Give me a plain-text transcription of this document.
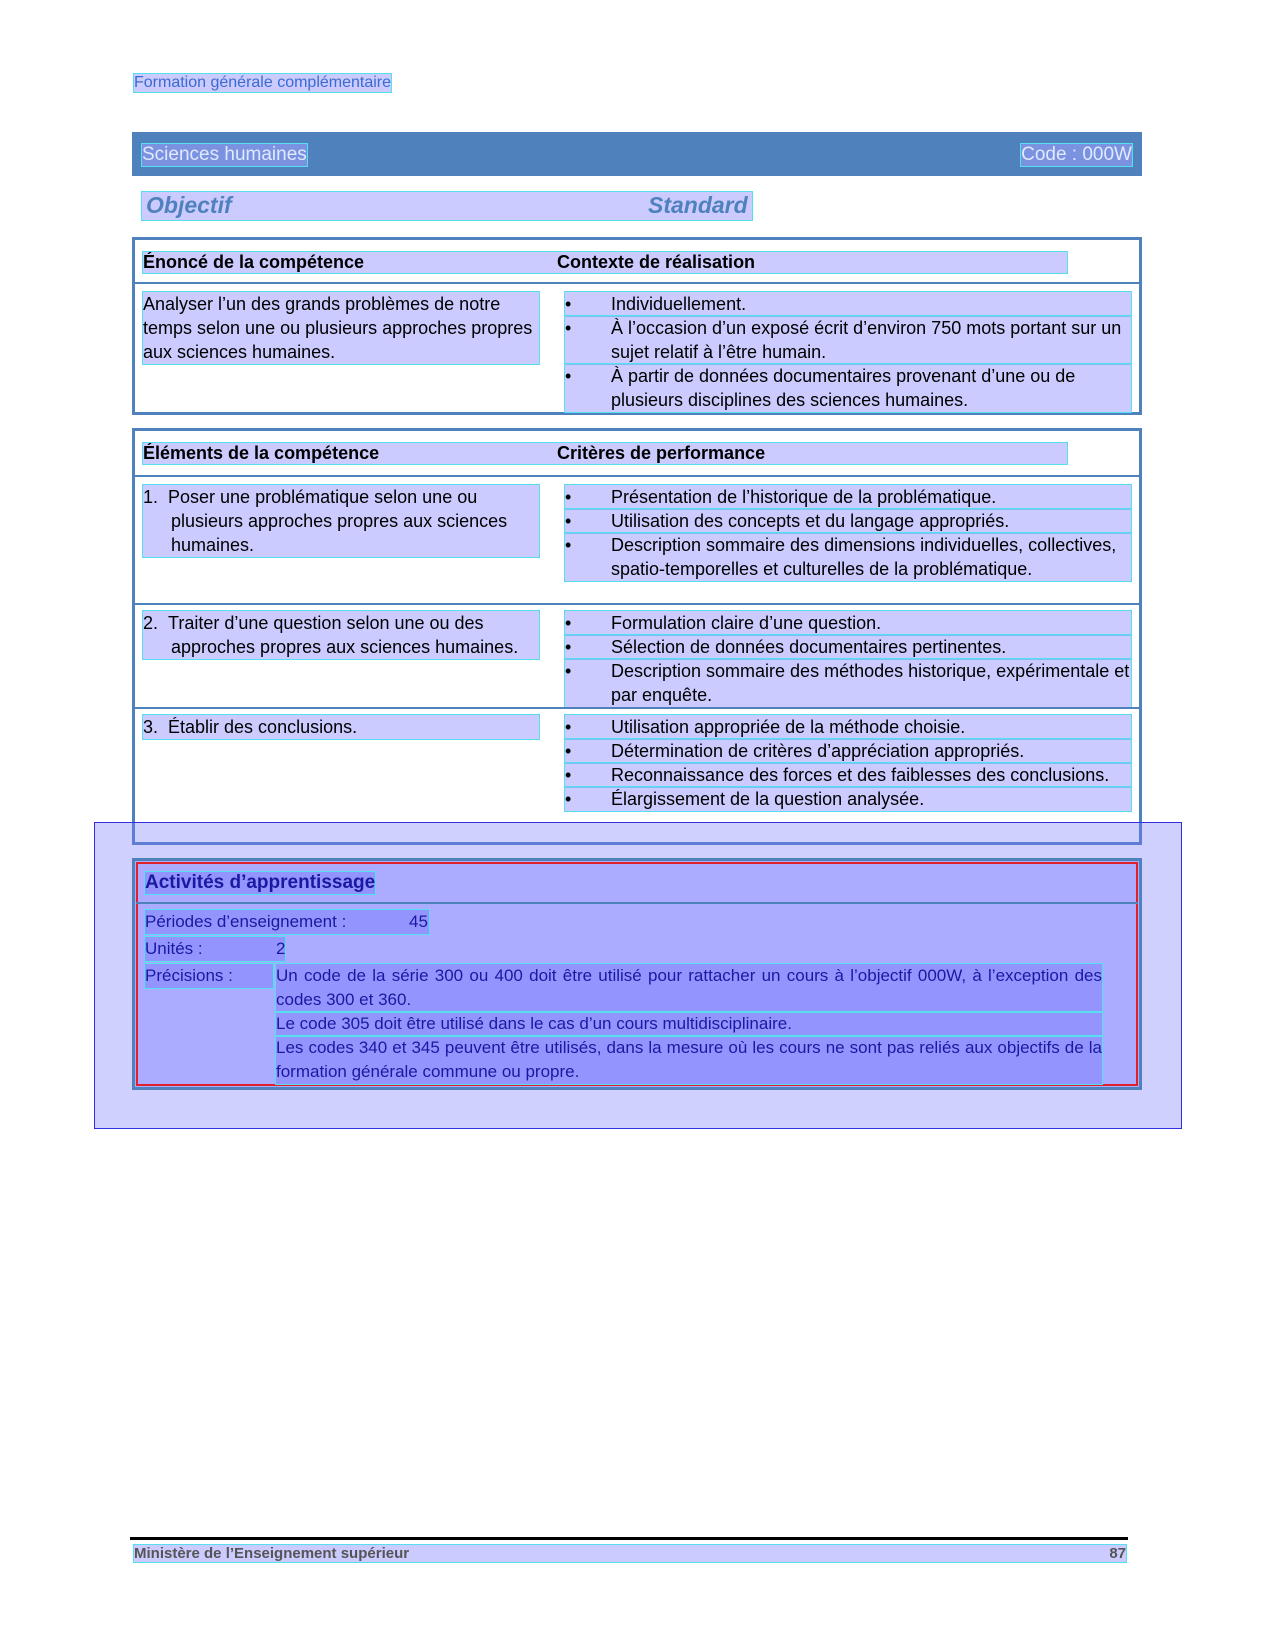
Formation générale complémentaire
Sciences humaines	Code : 000W
Objectif	Standard
Énoncé de la compétence	Contexte de réalisation
Analyser l’un des grands problèmes de notre temps selon une ou plusieurs approches propres aux sciences humaines.
• Individuellement.
• À l’occasion d’un exposé écrit d’environ 750 mots portant sur un sujet relatif à l’être humain.
• À partir de données documentaires provenant d’une ou de plusieurs disciplines des sciences humaines.
Éléments de la compétence	Critères de performance
1.  Poser une problématique selon une ou plusieurs approches propres aux sciences humaines.
• Présentation de l’historique de la problématique.
• Utilisation des concepts et du langage appropriés.
• Description sommaire des dimensions individuelles, collectives, spatio-temporelles et culturelles de la problématique.
2.  Traiter d’une question selon une ou des approches propres aux sciences humaines.
• Formulation claire d’une question.
• Sélection de données documentaires pertinentes.
• Description sommaire des méthodes historique, expérimentale et par enquête.
3.  Établir des conclusions.	• Utilisation appropriée de la méthode choisie.
• Détermination de critères d’appréciation appropriés.
• Reconnaissance des forces et des faiblesses des conclusions.
• Élargissement de la question analysée.
Activités d’apprentissage
Périodes d’enseignement :	45
Unités :	2
Précisions :	Un code de la série 300 ou 400 doit être utilisé pour rattacher un cours à l’objectif 000W, à l’exception des codes 300 et 360.

Le code 305 doit être utilisé dans le cas d’un cours multidisciplinaire.

Les codes 340 et 345 peuvent être utilisés, dans la mesure où les cours ne sont pas reliés aux objectifs de la formation générale commune ou propre.

Ministère de l’Enseignement supérieur	87
